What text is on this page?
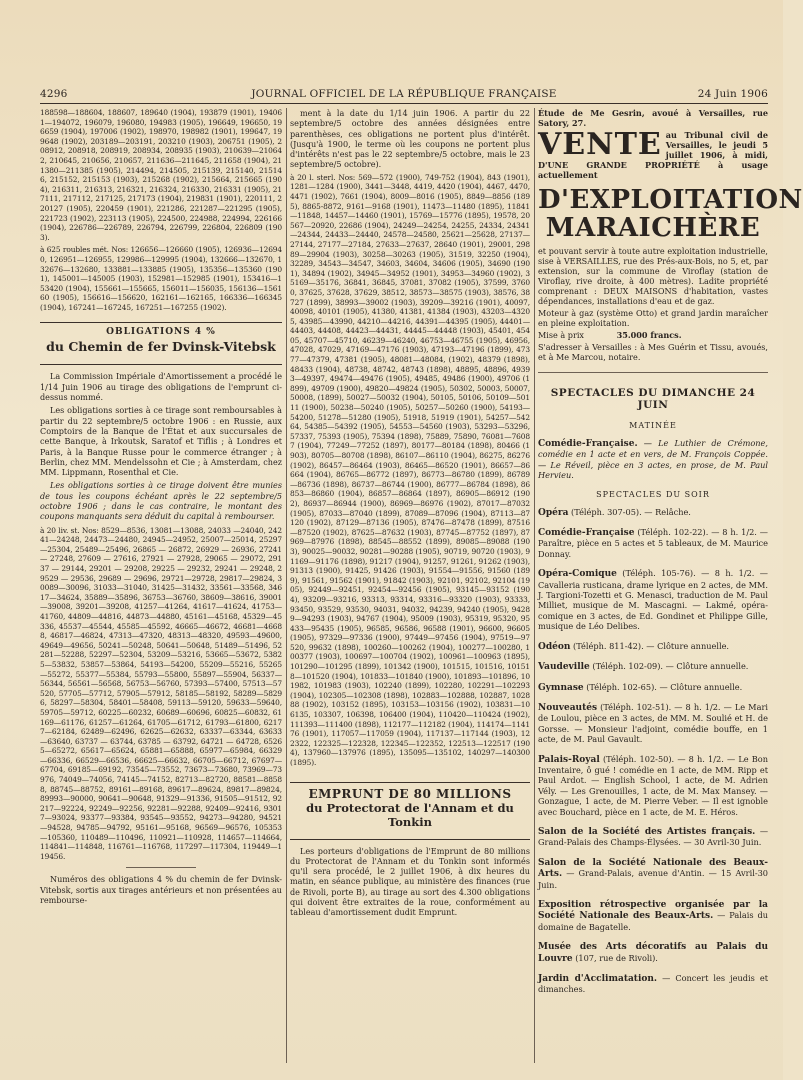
4296	JOURNAL OFFICIEL DE LA RÉPUBLIQUE FRANÇAISE	24 Juin 1906

188598—188604, 188607, 189640 (1904), 193879 (1901), 194061—194072, 196079, 196080, 194983 (1905), 196649, 196650, 196659 (1904), 197006 (1902), 198970, 198982 (1901), 199647, 199648 (1902), 203189—203191, 203210 (1903), 206751 (1905), 208912, 208918, 208919, 208934, 208935 (1903), 210639—210642, 210645, 210656, 210657, 211636—211645, 211658 (1904), 211380—211385 (1905), 214494, 214505, 215139, 215140, 215146, 215152, 215153 (1903), 215268 (1902), 215664, 215665 (1904), 216311, 216313, 216321, 216324, 216330, 216331 (1905), 217111, 217112, 217125, 217173 (1904), 219831 (1901), 220111, 220127 (1905), 220459 (1901), 221286, 221287—221295 (1905), 221723 (1902), 223113 (1905), 224500, 224988, 224994, 226166 (1904), 226786—226789, 226794, 226799, 226804, 226809 (1903).

à 625 roubles mét. Nos: 126656—126660 (1905), 126936—126940, 126951—126955, 129986—129995 (1904), 132666—132670, 132676—132680, 133881—133885 (1905), 135356—135360 (1901), 145001—145005 (1903), 152981—152985 (1901), 153416—153420 (1904), 155661—155665, 156011—156035, 156136—156160 (1905), 156616—156620, 162161—162165, 166336—166345 (1904), 167241—167245, 167251—167255 (1902).

OBLIGATIONS 4 %
du Chemin de fer Dvinsk-Vitebsk

La Commission Impériale d'Amortissement a procédé le 1/14 Juin 1906 au tirage des obligations de l'emprunt ci-dessus nommé.

Les obligations sorties à ce tirage sont remboursables à partir du 22 septembre/5 octobre 1906 : en Russie, aux Comptoirs de la Banque de l'État et aux succursales de cette Banque, à Irkoutsk, Saratof et Tiflis ; à Londres et Paris, à la Banque Russe pour le commerce étranger ; à Berlin, chez MM. Mendelssohn et Cie ; à Amsterdam, chez MM. Lippmann, Rosenthal et Cie.

Les obligations sorties à ce tirage doivent être munies de tous les coupons échéant après le 22 septembre/5 octobre 1906 ; dans le cas contraire, le montant des coupons manquants sera déduit du capital à rembourser.

à 20 liv. st. Nos: 8529—8536, 13081—13088, 24033 —24040, 24241—24248, 24473—24480, 24945—24952, 25007—25014, 25297—25304, 25489—25496, 26865 — 26872, 26929 — 26936, 27241 — 27248, 27609 — 27616, 27921 — 27928, 29065 — 29072, 29137 — 29144, 29201 — 29208, 29225 — 29232, 29241 — 29248, 29529 — 29536, 29689 — 29696, 29721—29728, 29817—29824, 30089—30096, 31033—31040, 31425—31432, 33561—33568, 34617—34624, 35889—35896, 36753—36760, 38609—38616, 39001—39008, 39201—39208, 41257—41264, 41617—41624, 41753—41760, 44809—44816, 44873—44880, 45161—45168, 45329—45336, 45537—45544, 45585—45592, 46665—46672, 46681—46688, 46817—46824, 47313—47320, 48313—48320, 49593—49600, 49649—49656, 50241—50248, 50641—50648, 51489—51496, 52281—52288, 52297—52304, 53209—53216, 53665—53672, 53825—53832, 53857—53864, 54193—54200, 55209—55216, 55265—55272, 55377—55384, 55793—55800, 55897—55904, 56337—56344, 56561—56568, 56753—56760, 57393—57400, 57513—57520, 57705—57712, 57905—57912, 58185—58192, 58289—58296, 58297—58304, 58401—58408, 59113—59120, 59633—59640, 59705—59712, 60225—60232, 60689—60696, 60825—60832, 61169—61176, 61257—61264, 61705—61712, 61793—61800, 62177—62184, 62489—62496, 62625—62632, 63337—63344, 63633—63640, 63737 — 63744, 63785 — 63792, 64721 — 64728, 65265—65272, 65617—65624, 65881—65888, 65977—65984, 66329—66336, 66529—66536, 66625—66632, 66705—66712, 67697—67704, 69185—69192, 73545—73552, 73673—73680, 73969—73976, 74049—74056, 74145—74152, 82713—82720, 88581—88588, 88745—88752, 89161—89168, 89617—89624, 89817—89824, 89993—90000, 90641—90648, 91329—91336, 91505—91512, 92217—92224, 92249—92256, 92281—92288, 92409—92416, 93017—93024, 93377—93384, 93545—93552, 94273—94280, 94521—94528, 94785—94792, 95161—95168, 96569—96576, 105353—105360, 110489—110496, 110921—110928, 114657—114664, 114841—114848, 116761—116768, 117297—117304, 119449—119456.

Numéros des obligations 4 % du chemin de fer Dvinsk-Vitebsk, sortis aux tirages antérieurs et non présentées au rembourse-

ment à la date du 1/14 juin 1906. A partir du 22 septembre/5 octobre des années désignées entre parenthèses, ces obligations ne portent plus d'intérêt. (Jusqu'à 1900, le terme où les coupons ne portent plus d'intérêts n'est pas le 22 septembre/5 octobre, mais le 23 septembre/5 octobre).

à 20 l. sterl. Nos: 569—572 (1900), 749-752 (1904), 843 (1901), 1281—1284 (1900), 3441—3448, 4419, 4420 (1904), 4467, 4470, 4471 (1902), 7661 (1904), 8009—8016 (1905), 8849—8856 (1895), 8865-8872, 9161—9168 (1901), 11473—11480 (1895), 11841—11848, 14457—14460 (1901), 15769—15776 (1895), 19578, 20567—20920, 22686 (1904), 24249—24254, 24255, 24334, 24341—24344, 24433—24440, 24578—24580, 25621—25628, 27137—27144, 27177—27184, 27633—27637, 28640 (1901), 29001, 29889—29904 (1903), 30258—30263 (1905), 31519, 32250 (1904), 32289, 34543—34547, 34603, 34604, 34606 (1905), 34690 (1901), 34894 (1902), 34945—34952 (1901), 34953—34960 (1902), 35169—35176, 36841, 36845, 37081, 37082 (1905), 37599, 37600, 37625, 37628, 37629, 38512, 38573—38575 (1903), 38576, 38727 (1899), 38993—39002 (1903), 39209—39216 (1901), 40097, 40098, 40101 (1905), 41380, 41381, 41384 (1903), 43203—43205, 43985—43990, 44210—44216, 44391—44395 (1905), 44401—44403, 44408, 44423—44431, 44445—44448 (1903), 45401, 45405, 45707—45710, 46239—46240, 46753—46755 (1905), 46956, 47028, 47029, 47169—47176 (1903), 47193—47196 (1899), 47377—47379, 47381 (1905), 48081—48084, (1902), 48379 (1898), 48433 (1904), 48738, 48742, 48743 (1898), 48895, 48896, 49393—49397, 49474—49476 (1905), 49485, 49486 (1900), 49706 (1899), 49709 (1900), 49820—49824 (1905), 50302, 50003, 50007, 50008, (1899), 50027—50032 (1904), 50105, 50106, 50109—50111 (1900), 50238—50240 (1905), 50257—50260 (1900), 54193—54200, 51278—51280 (1905), 51918, 51919 (1901), 54257—54264, 54385—54392 (1905), 54553—54560 (1903), 53293—53296, 57337, 75393 (1905), 75394 (1898), 75889, 75890, 76081—76087 (1904), 77249—77252 (1897), 80177—80184 (1898), 80466 (1903), 80705—80708 (1898), 86107—86110 (1904), 86275, 86276 (1902), 86457—86464 (1903), 86465—86520 (1901), 86657—86664 (1904), 86765—86772 (1897), 86773—86780 (1899), 86789—86736 (1898), 86737—86744 (1900), 86777—86784 (1898), 86853—86860 (1904), 86857—86864 (1897), 86905—86912 (1902), 86937—86944 (1900), 86969—86976 (1902), 87017—87032 (1905), 87033—87040 (1899), 87089—87096 (1904), 87113—87120 (1902), 87129—87136 (1905), 87476—87478 (1899), 87516—87520 (1902), 87625—87632 (1903), 87745—87752 (1897), 87969—87976 (1898), 88545—88552 (1899), 89085—89088 (1903), 90025—90032, 90281—90288 (1905), 90719, 90720 (1903), 91169—91176 (1898), 91217 (1904), 91257, 91261, 91262 (1903), 91313 (1900), 91425, 91426 (1903), 91554—91556, 91560 (1899), 91561, 91562 (1901), 91842 (1903), 92101, 92102, 92104 (1905), 92449—92451, 92454—92456 (1905), 93145—93152 (1904), 93209—93216, 93313, 93314, 93316—93320 (1903), 93333, 93450, 93529, 93530, 94031, 94032, 94239, 94240 (1905), 94289—94293 (1903), 94767 (1904), 95009 (1903), 95319, 95320, 95433—95435 (1905), 96585, 96586, 96588 (1901), 96600, 96605 (1905), 97329—97336 (1900), 97449—97456 (1904), 97519—97520, 99632 (1898), 100260—100262 (1904), 100277—100280, 100377 (1903), 100697—100704 (1902), 100961—100963 (1895), 101290—101295 (1899), 101342 (1900), 101515, 101516, 101518—101520 (1904), 101833—101840 (1900), 101893—101896, 101982, 101983 (1903), 102240 (1899), 102280, 102291—102293 (1904), 102305—102308 (1898), 102883—102888, 102887, 102888 (1902), 103152 (1895), 103153—103156 (1902), 103831—106135, 103307, 106398, 106400 (1904), 110420—110424 (1902), 111393—111400 (1898), 112177—112182 (1904), 114174—114176 (1901), 117057—117059 (1904), 117137—117144 (1903), 122322, 122325—122328, 122345—122352, 122513—122517 (1904), 137960—137976 (1895), 135095—135102, 140297—140300 (1895).

EMPRUNT DE 80 MILLIONS
du Protectorat de l'Annam et du Tonkin

Les porteurs d'obligations de l'Emprunt de 80 millions du Protectorat de l'Annam et du Tonkin sont informés qu'il sera procédé, le 2 juillet 1906, à dix heures du matin, en séance publique, au ministère des finances (rue de Rivoli, porte B), au tirage au sort des 4.300 obligations qui doivent être extraites de la roue, conformément au tableau d'amortissement dudit Emprunt.

Étude de Me Gesrin, avoué à Versailles, rue Satory, 27.

VENTE au Tribunal civil de Versailles, le jeudi 5 juillet 1906, à midi, D'UNE GRANDE PROPRIÉTÉ à usage actuellement

D'EXPLOITATION MARAICHÈRE

et pouvant servir à toute autre exploitation industrielle, sise à VERSAILLES, rue des Prés-aux-Bois, no 5, et, par extension, sur la commune de Viroflay (station de Viroflay, rive droite, à 400 mètres). Ladite propriété comprenant : DEUX MAISONS d'habitation, vastes dépendances, installations d'eau et de gaz.

Moteur à gaz (système Otto) et grand jardin maraîcher en pleine exploitation.

Mise à prix	35.000 francs.

S'adresser à Versailles : à Mes Guérin et Tissu, avoués, et à Me Marcou, notaire.

SPECTACLES DU DIMANCHE 24 JUIN
MATINÉE

Comédie-Française. — Le Luthier de Crémone, comédie en 1 acte et en vers, de M. François Coppée. — Le Réveil, pièce en 3 actes, en prose, de M. Paul Hervieu.

SPECTACLES DU SOIR

Opéra (Téléph. 307-05). — Relâche.

Comédie-Française (Téléph. 102-22). — 8 h. 1/2. — Paraître, pièce en 5 actes et 5 tableaux, de M. Maurice Donnay.

Opéra-Comique (Téléph. 105-76). — 8 h. 1/2. — Cavalleria rusticana, drame lyrique en 2 actes, de MM. J. Targioni-Tozetti et G. Menasci, traduction de M. Paul Milliet, musique de M. Mascagni. — Lakmé, opéra-comique en 3 actes, de Ed. Gondinet et Philippe Gille, musique de Léo Delibes.

Odéon (Téléph. 811-42). — Clôture annuelle.

Vaudeville (Téléph. 102-09). — Clôture annuelle.

Gymnase (Téléph. 102-65). — Clôture annuelle.

Nouveautés (Téléph. 102-51). — 8 h. 1/2. — Le Mari de Loulou, pièce en 3 actes, de MM. M. Soulié et H. de Gorsse. — Monsieur l'adjoint, comédie bouffe, en 1 acte, de M. Paul Gavault.

Palais-Royal (Téléph. 102-50). — 8 h. 1/2. — Le Bon Inventaire, ô gué ! comédie en 1 acte, de MM. Ripp et Paul Ardot. — English School, 1 acte, de M. Adrien Vély. — Les Grenouilles, 1 acte, de M. Max Mansey. — Gonzague, 1 acte, de M. Pierre Veber. — Il est ignoble avec Bouchard, pièce en 1 acte, de M. E. Héros.

Salon de la Société des Artistes français. — Grand-Palais des Champs-Élysées. — 30 Avril-30 Juin.

Salon de la Société Nationale des Beaux-Arts. — Grand-Palais, avenue d'Antin. — 15 Avril-30 Juin.

Exposition rétrospective organisée par la Société Nationale des Beaux-Arts. — Palais du domaine de Bagatelle.

Musée des Arts décoratifs au Palais du Louvre (107, rue de Rivoli).

Jardin d'Acclimatation. — Concert les jeudis et dimanches.
